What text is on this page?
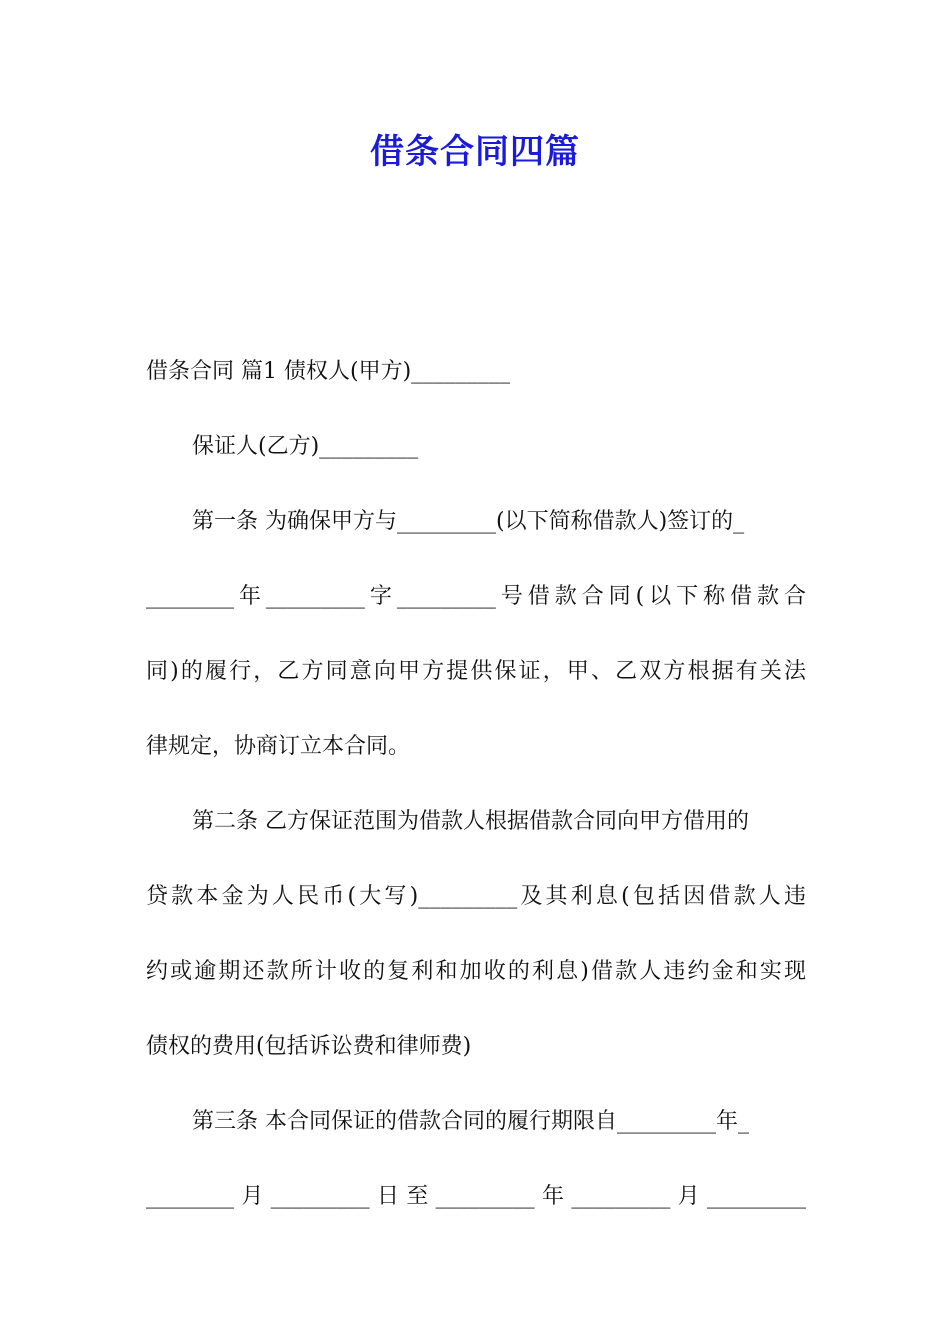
借条合同四篇
借条合同 篇1 债权人(甲方)_________
保证人(乙方)_________
第一条 为确保甲方与_________(以下简称借款人)签订的_
________年_________字_________号借款合同(以下称借款合
同)的履行，乙方同意向甲方提供保证，甲、乙双方根据有关法
律规定，协商订立本合同。
第二条 乙方保证范围为借款人根据借款合同向甲方借用的
贷款本金为人民币(大写)_________及其利息(包括因借款人违
约或逾期还款所计收的复利和加收的利息)借款人违约金和实现
债权的费用(包括诉讼费和律师费)
第三条 本合同保证的借款合同的履行期限自_________年_
________月_________日至_________年_________月_________
